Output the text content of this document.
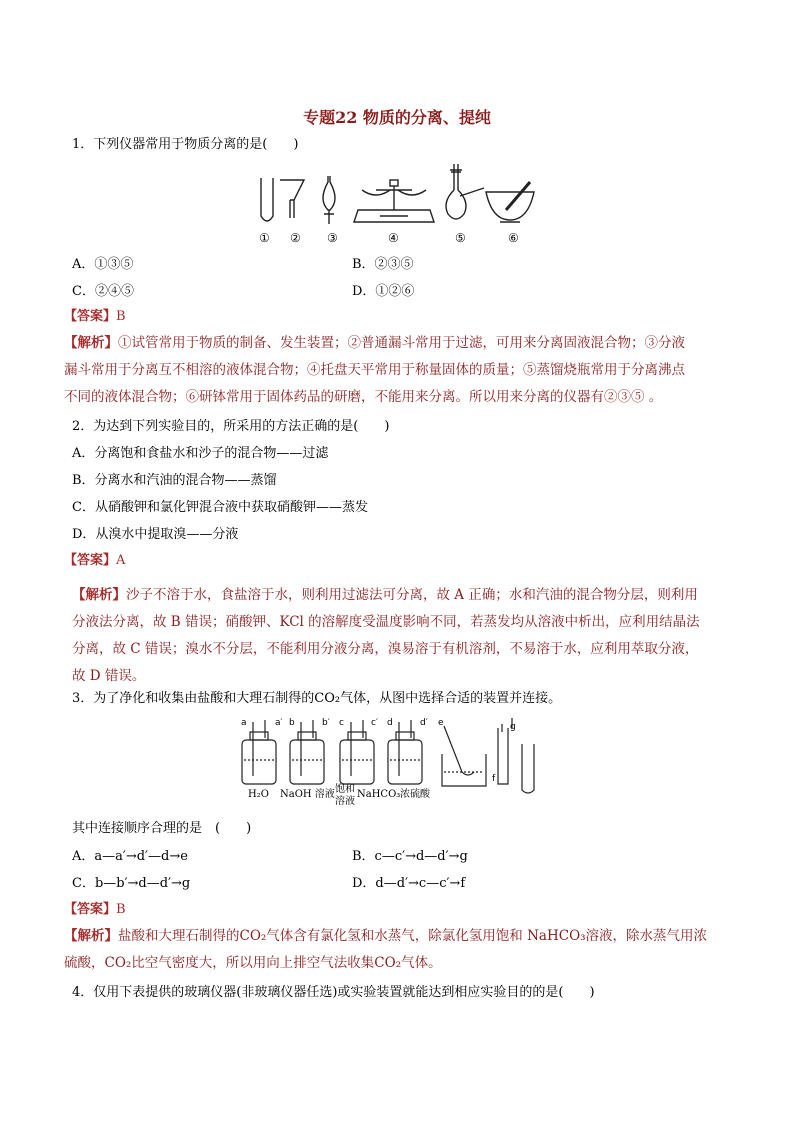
专题22 物质的分离、提纯
1．下列仪器常用于物质分离的是(　　)
① ② ③	④	⑤	⑥
A．①③⑤	B．②③⑤
C．②④⑤	D．①②⑥
【答案】B
【解析】①试管常用于物质的制备、发生装置；②普通漏斗常用于过滤，可用来分离固液混合物；③分液
漏斗常用于分离互不相溶的液体混合物；④托盘天平常用于称量固体的质量；⑤蒸馏烧瓶常用于分离沸点
不同的液体混合物；⑥研钵常用于固体药品的研磨，不能用来分离。所以用来分离的仪器有②③⑤ 。
2．为达到下列实验目的，所采用的方法正确的是(　　)
A．分离饱和食盐水和沙子的混合物——过滤
B．分离水和汽油的混合物——蒸馏
C．从硝酸钾和氯化钾混合液中获取硝酸钾——蒸发
D．从溴水中提取溴——分液
【答案】A
【解析】沙子不溶于水，食盐溶于水，则利用过滤法可分离，故 A 正确；水和汽油的混合物分层，则利用
分液法分离，故 B 错误；硝酸钾、KCl 的溶解度受温度影响不同，若蒸发均从溶液中析出，应利用结晶法
分离，故 C 错误；溴水不分层，不能利用分液分离，溴易溶于有机溶剂，不易溶于水，应利用萃取分液，
故 D 错误。
3．为了净化和收集由盐酸和大理石制得的CO₂气体，从图中选择合适的装置并连接。
a	a′ b	b′ c	c′ d	d′ e
f
g
H₂O NaOH 溶液 饱和
溶液
NaHCO₃ 浓硫酸
其中连接顺序合理的是　(　　)
A．a—a′→d′—d→e	B．c—c′→d—d′→g
C．b—b′→d—d′→g	D．d—d′→c—c′→f
【答案】B
【解析】盐酸和大理石制得的CO₂气体含有氯化氢和水蒸气，除氯化氢用饱和 NaHCO₃溶液，除水蒸气用浓
硫酸，CO₂比空气密度大，所以用向上排空气法收集CO₂气体。
4．仅用下表提供的玻璃仪器(非玻璃仪器任选)或实验装置就能达到相应实验目的的是(　　)
